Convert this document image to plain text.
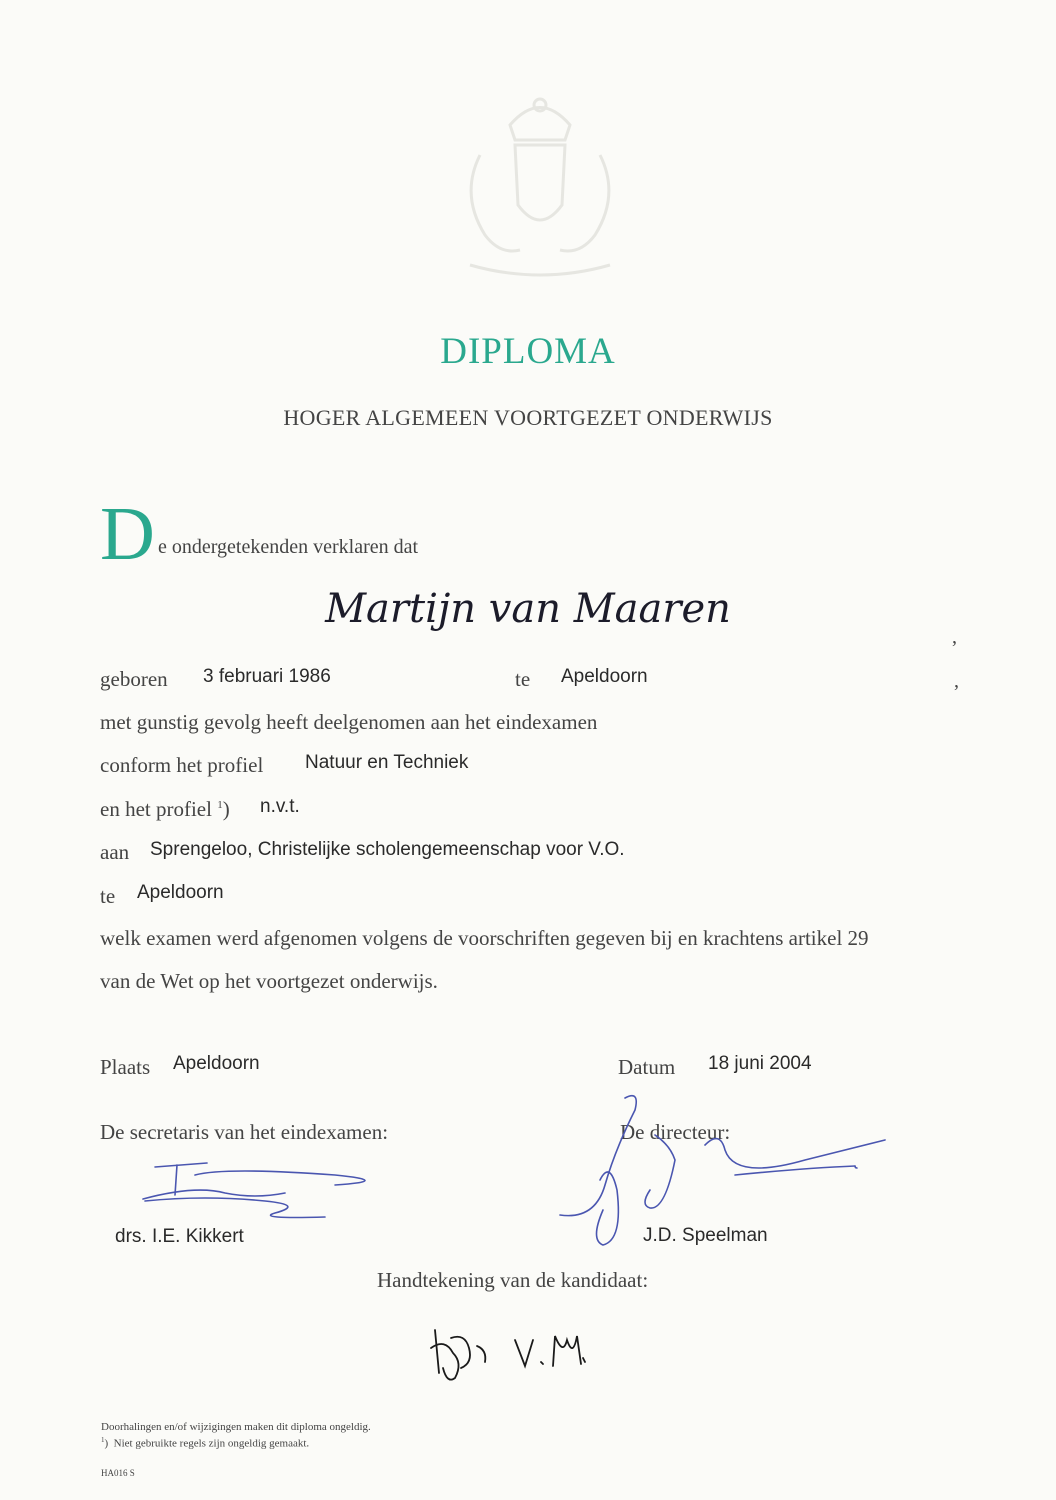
DIPLOMA
HOGER ALGEMEEN VOORTGEZET ONDERWIJS
D e ondergetekenden verklaren dat
Martijn van Maaren
,
geboren 3 februari 1986	te Apeldoorn	,
met gunstig gevolg heeft deelgenomen aan het eindexamen
conform het profiel Natuur en Techniek
en het profiel $^1$) n.v.t.
aan Sprengeloo, Christelijke scholengemeenschap voor V.O.
te Apeldoorn
welk examen werd afgenomen volgens de voorschriften gegeven bij en krachtens artikel 29
van de Wet op het voortgezet onderwijs.
Plaats Apeldoorn	Datum 18 juni 2004
De secretaris van het eindexamen:	De directeur:
drs. I.E. Kikkert	J.D. Speelman
Handtekening van de kandidaat:
Doorhalingen en/of wijzigingen maken dit diploma ongeldig.
$^1$) Niet gebruikte regels zijn ongeldig gemaakt.
HA016 S
